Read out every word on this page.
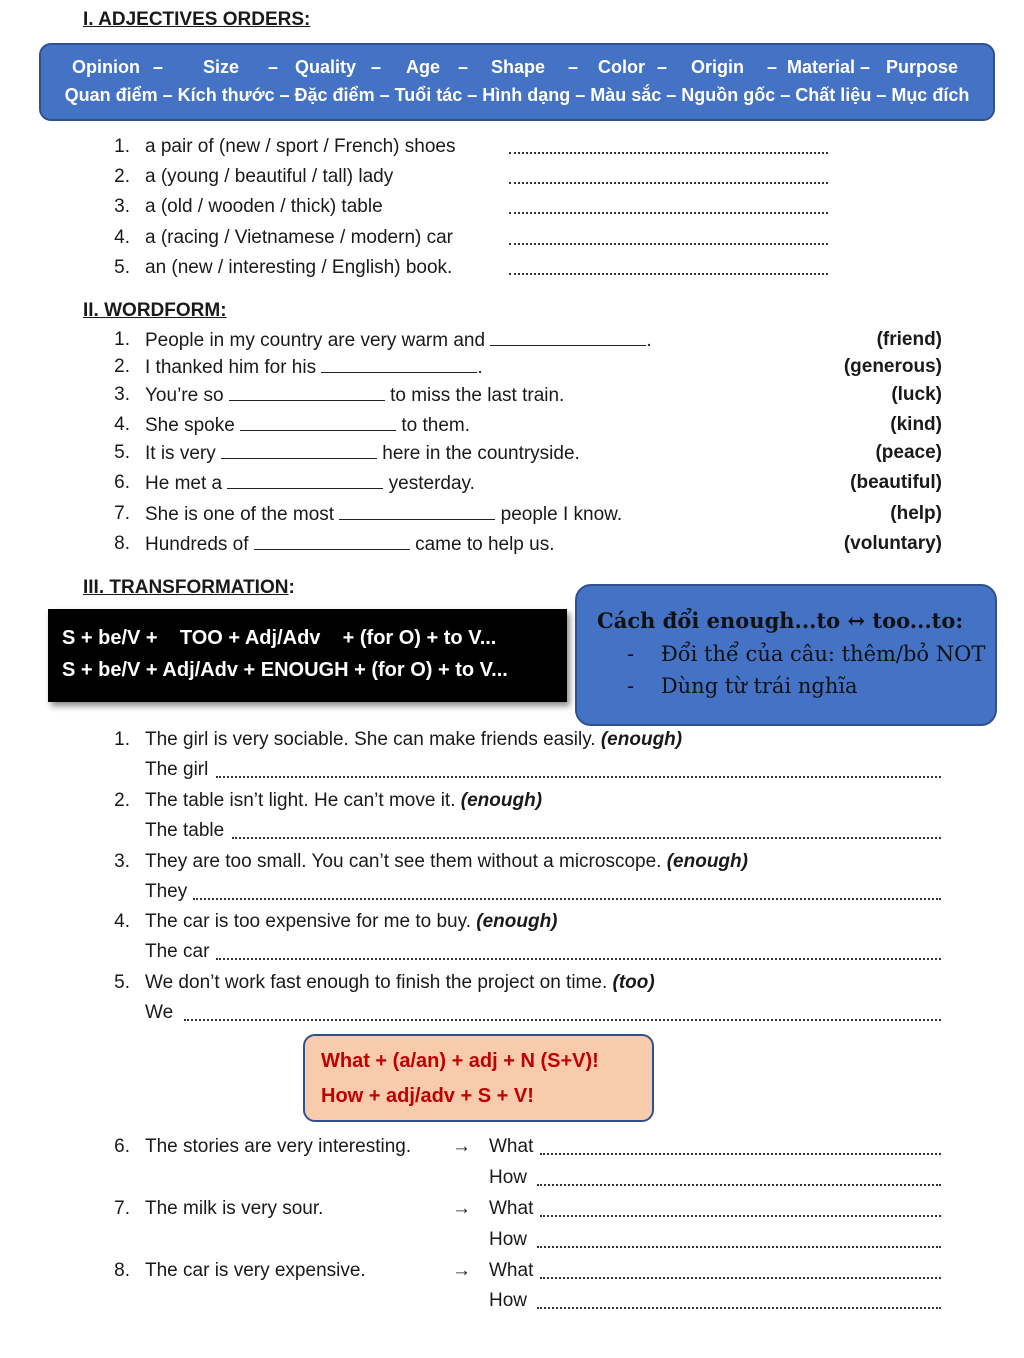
I. ADJECTIVES ORDERS:
Opinion – Size – Quality – Age – Shape – Color – Origin – Material – Purpose
Quan điểm – Kích thước – Đặc điểm – Tuổi tác – Hình dạng – Màu sắc – Nguồn gốc – Chất liệu – Mục đích
1. a pair of (new / sport / French) shoes
2. a (young / beautiful / tall) lady
3. a (old / wooden / thick) table
4. a (racing / Vietnamese / modern) car
5. an (new / interesting / English) book.
II. WORDFORM:
1. People in my country are very warm and	.	(friend)
2. I thanked him for his	.	(generous)
3. You’re so	to miss the last train.	(luck)
4. She spoke	to them.	(kind)
5. It is very	here in the countryside.	(peace)
6. He met a	yesterday.	(beautiful)
7. She is one of the most	people I know.	(help)
8. Hundreds of	came to help us.	(voluntary)
III. TRANSFORMATION:
S + be/V +    TOO + Adj/Adv    + (for O) + to V...
S + be/V + Adj/Adv + ENOUGH + (for O) + to V...
Cách đổi enough...to ↔ too...to:
- Đổi thể của câu: thêm/bỏ NOT
- Dùng từ trái nghĩa
1. The girl is very sociable. She can make friends easily. (enough)
The girl
2. The table isn’t light. He can’t move it. (enough)
The table
3. They are too small. You can’t see them without a microscope. (enough)
They
4. The car is too expensive for me to buy. (enough)
The car
5. We don’t work fast enough to finish the project on time. (too)
We
What + (a/an) + adj + N (S+V)!
How + adj/adv + S + V!
6. The stories are very interesting. → What
How
7. The milk is very sour.	→ What
How
8. The car is very expensive.	→ What
How
